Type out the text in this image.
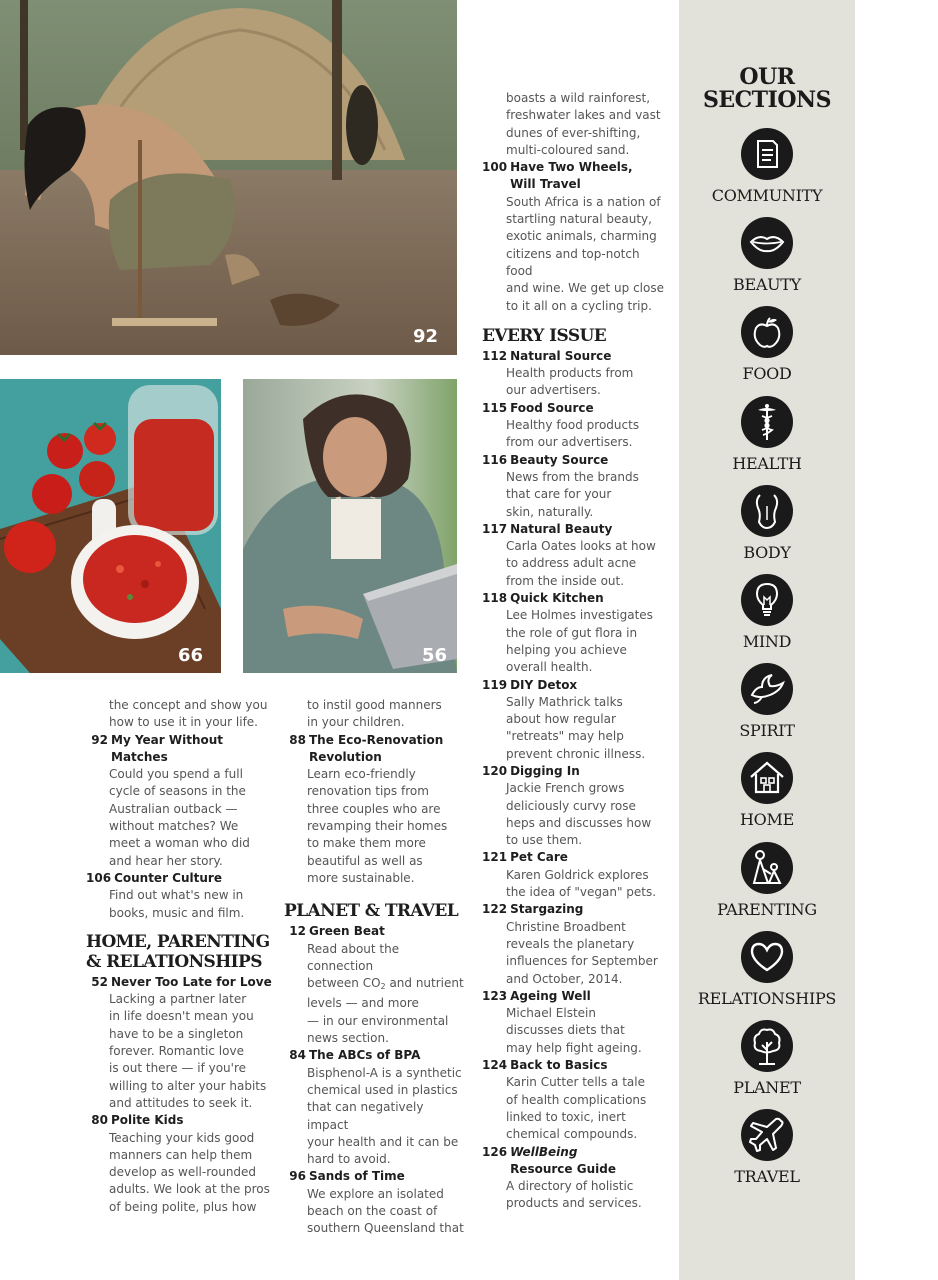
92
66	56
the concept and show you
how to use it in your life.
92 My Year Without Matches
Could you spend a full
cycle of seasons in the
Australian outback —
without matches? We
meet a woman who did
and hear her story.
106 Counter Culture
Find out what's new in
books, music and film.
HOME, PARENTING
& RELATIONSHIPS
52 Never Too Late for Love
Lacking a partner later
in life doesn't mean you
have to be a singleton
forever. Romantic love
is out there — if you're
willing to alter your habits
and attitudes to seek it.
80 Polite Kids
Teaching your kids good
manners can help them
develop as well-rounded
adults. We look at the pros
of being polite, plus how
to instil good manners
in your children.
88 The Eco-Renovation
Revolution
Learn eco-friendly
renovation tips from
three couples who are
revamping their homes
to make them more
beautiful as well as
more sustainable.
PLANET & TRAVEL
12 Green Beat
Read about the connection
between $CO_2$ and nutrient
levels — and more
— in our environmental
news section.
84 The ABCs of BPA
Bisphenol-A is a synthetic
chemical used in plastics
that can negatively impact
your health and it can be
hard to avoid.
96 Sands of Time
We explore an isolated
beach on the coast of
southern Queensland that
boasts a wild rainforest,
freshwater lakes and vast
dunes of ever-shifting,
multi-coloured sand.
100 Have Two Wheels,
Will Travel
South Africa is a nation of
startling natural beauty,
exotic animals, charming
citizens and top-notch food
and wine. We get up close
to it all on a cycling trip.
EVERY ISSUE
112 Natural Source
Health products from
our advertisers.
115 Food Source
Healthy food products
from our advertisers.
116 Beauty Source
News from the brands
that care for your
skin, naturally.
117 Natural Beauty
Carla Oates looks at how
to address adult acne
from the inside out.
118 Quick Kitchen
Lee Holmes investigates
the role of gut flora in
helping you achieve
overall health.
119 DIY Detox
Sally Mathrick talks
about how regular
"retreats" may help
prevent chronic illness.
120 Digging In
Jackie French grows
deliciously curvy rose
heps and discusses how
to use them.
121 Pet Care
Karen Goldrick explores
the idea of "vegan" pets.
122 Stargazing
Christine Broadbent
reveals the planetary
influences for September
and October, 2014.
123 Ageing Well
Michael Elstein
discusses diets that
may help fight ageing.
124 Back to Basics
Karin Cutter tells a tale
of health complications
linked to toxic, inert
chemical compounds.
126 WellBeing
Resource Guide
A directory of holistic
products and services.
OUR
SECTIONS
COMMUNITY
BEAUTY
FOOD
HEALTH
BODY
MIND
SPIRIT
HOME
PARENTING
RELATIONSHIPS
PLANET
TRAVEL
